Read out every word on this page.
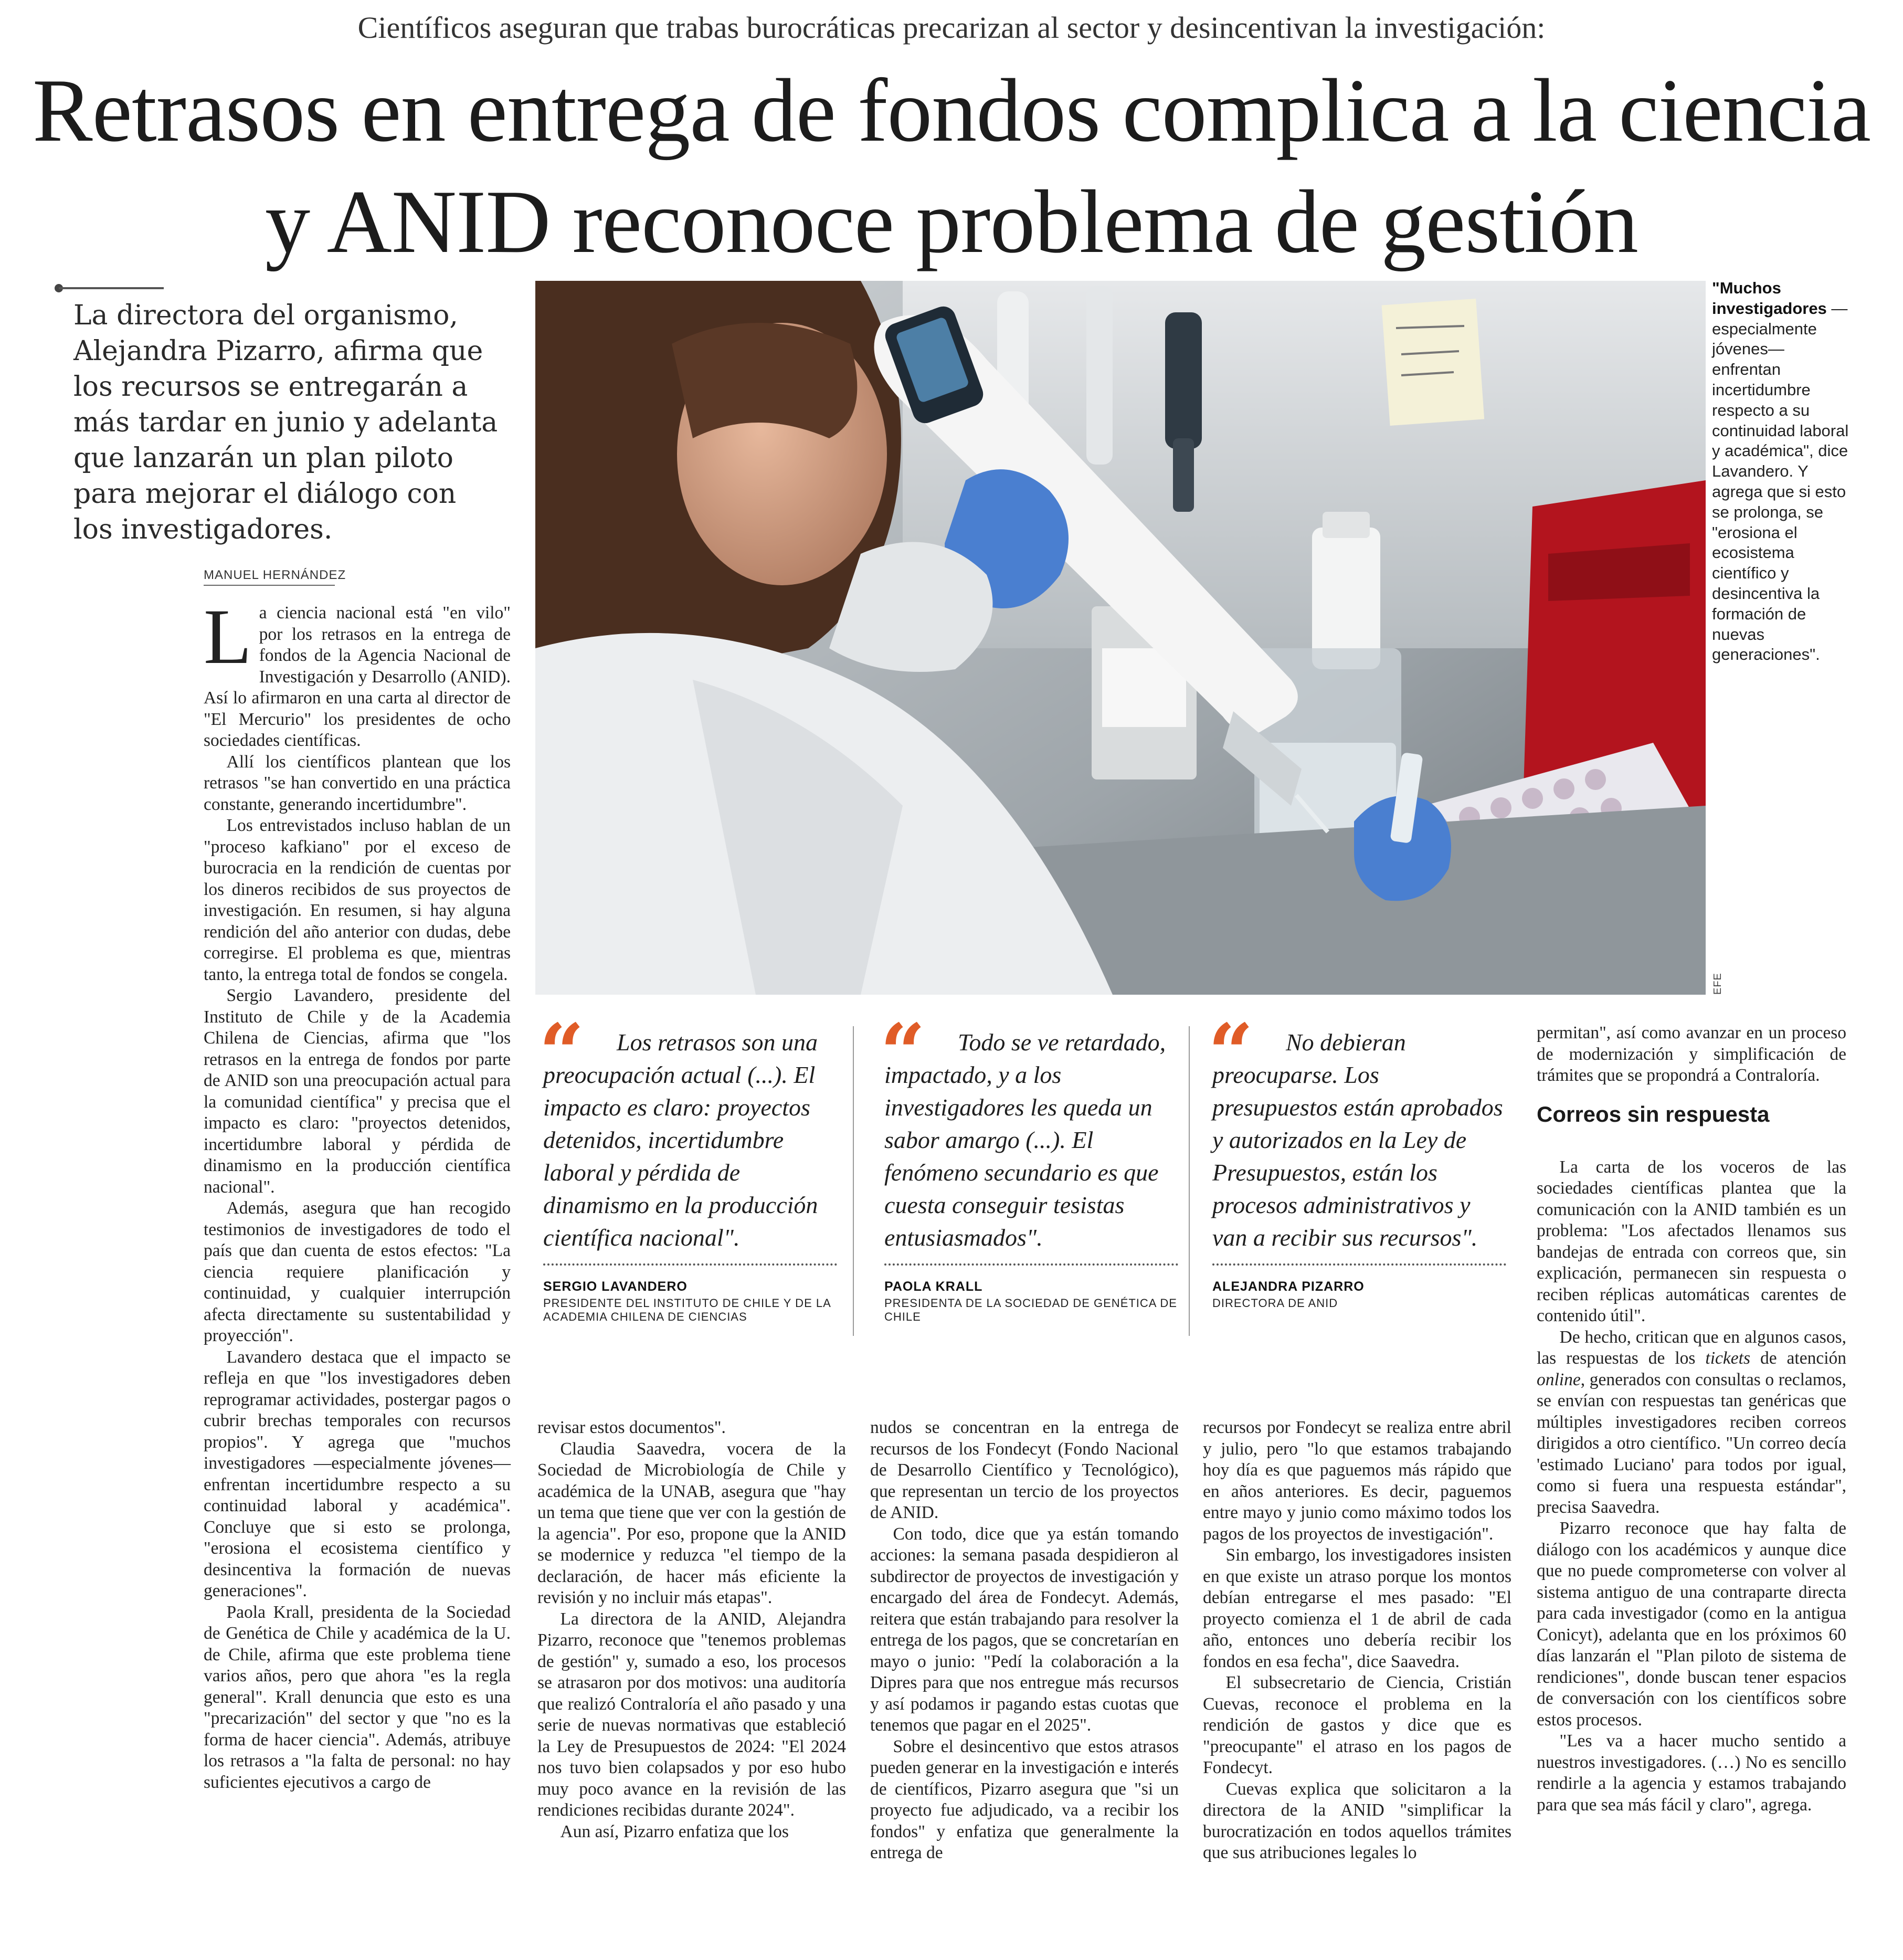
Científicos aseguran que trabas burocráticas precarizan al sector y desincentivan la investigación:
Retrasos en entrega de fondos complica a la ciencia y ANID reconoce problema de gestión
La directora del organismo, Alejandra Pizarro, afirma que los recursos se entregarán a más tardar en junio y adelanta que lanzarán un plan piloto para mejorar el diálogo con los investigadores.
MANUEL HERNÁNDEZ

La ciencia nacional está "en vilo" por los retrasos en la entrega de fondos de la Agencia Nacional de Investigación y Desarrollo (ANID). Así lo afirmaron en una carta al director de "El Mercurio" los presidentes de ocho sociedades científicas.

Allí los científicos plantean que los retrasos "se han convertido en una práctica constante, generando incertidumbre".

Los entrevistados incluso hablan de un "proceso kafkiano" por el exceso de burocracia en la rendición de cuentas por los dineros recibidos de sus proyectos de investigación. En resumen, si hay alguna rendición del año anterior con dudas, debe corregirse. El problema es que, mientras tanto, la entrega total de fondos se congela.

Sergio Lavandero, presidente del Instituto de Chile y de la Academia Chilena de Ciencias, afirma que "los retrasos en la entrega de fondos por parte de ANID son una preocupación actual para la comunidad científica" y precisa que el impacto es claro: "proyectos detenidos, incertidumbre laboral y pérdida de dinamismo en la producción científica nacional".

Además, asegura que han recogido testimonios de investigadores de todo el país que dan cuenta de estos efectos: "La ciencia requiere planificación y continuidad, y cualquier interrupción afecta directamente su sustentabilidad y proyección".

Lavandero destaca que el impacto se refleja en que "los investigadores deben reprogramar actividades, postergar pagos o cubrir brechas temporales con recursos propios". Y agrega que "muchos investigadores —especialmente jóvenes— enfrentan incertidumbre respecto a su continuidad laboral y académica". Concluye que si esto se prolonga, "erosiona el ecosistema científico y desincentiva la formación de nuevas generaciones".

Paola Krall, presidenta de la Sociedad de Genética de Chile y académica de la U. de Chile, afirma que este problema tiene varios años, pero que ahora "es la regla general". Krall denuncia que esto es una "precarización" del sector y que "no es la forma de hacer ciencia". Además, atribuye los retrasos a "la falta de personal: no hay suficientes ejecutivos a cargo de

EFE
"Muchos investigadores —especialmente jóvenes— enfrentan incertidumbre respecto a su continuidad laboral y académica", dice Lavandero. Y agrega que si esto se prolonga, se "erosiona el ecosistema científico y desincentiva la formación de nuevas generaciones".
“	Los retrasos son una preocupación actual (...). El impacto es claro: proyectos detenidos, incertidumbre laboral y pérdida de dinamismo en la producción científica nacional".
SERGIO LAVANDERO
PRESIDENTE DEL INSTITUTO DE CHILE Y DE LA ACADEMIA CHILENA DE CIENCIAS
“	Todo se ve retardado, impactado, y a los investigadores les queda un sabor amargo (...). El fenómeno secundario es que cuesta conseguir tesistas entusiasmados".
PAOLA KRALL
PRESIDENTA DE LA SOCIEDAD DE GENÉTICA DE CHILE
“	No debieran preocuparse. Los presupuestos están aprobados y autorizados en la Ley de Presupuestos, están los procesos administrativos y van a recibir sus recursos".
ALEJANDRA PIZARRO
DIRECTORA DE ANID

revisar estos documentos".

Claudia Saavedra, vocera de la Sociedad de Microbiología de Chile y académica de la UNAB, asegura que "hay un tema que tiene que ver con la gestión de la agencia". Por eso, propone que la ANID se modernice y reduzca "el tiempo de la declaración, de hacer más eficiente la revisión y no incluir más etapas".

La directora de la ANID, Alejandra Pizarro, reconoce que "tenemos problemas de gestión" y, sumado a eso, los procesos se atrasaron por dos motivos: una auditoría que realizó Contraloría el año pasado y una serie de nuevas normativas que estableció la Ley de Presupuestos de 2024: "El 2024 nos tuvo bien colapsados y por eso hubo muy poco avance en la revisión de las rendiciones recibidas durante 2024".

Aun así, Pizarro enfatiza que los

nudos se concentran en la entrega de recursos de los Fondecyt (Fondo Nacional de Desarrollo Científico y Tecnológico), que representan un tercio de los proyectos de ANID.

Con todo, dice que ya están tomando acciones: la semana pasada despidieron al subdirector de proyectos de investigación y encargado del área de Fondecyt. Además, reitera que están trabajando para resolver la entrega de los pagos, que se concretarían en mayo o junio: "Pedí la colaboración a la Dipres para que nos entregue más recursos y así podamos ir pagando estas cuotas que tenemos que pagar en el 2025".

Sobre el desincentivo que estos atrasos pueden generar en la investigación e interés de científicos, Pizarro asegura que "si un proyecto fue adjudicado, va a recibir los fondos" y enfatiza que generalmente la entrega de

recursos por Fondecyt se realiza entre abril y julio, pero "lo que estamos trabajando hoy día es que paguemos más rápido que en años anteriores. Es decir, paguemos entre mayo y junio como máximo todos los pagos de los proyectos de investigación".

Sin embargo, los investigadores insisten en que existe un atraso porque los montos debían entregarse el mes pasado: "El proyecto comienza el 1 de abril de cada año, entonces uno debería recibir los fondos en esa fecha", dice Saavedra.

El subsecretario de Ciencia, Cristián Cuevas, reconoce el problema en la rendición de gastos y dice que es "preocupante" el atraso en los pagos de Fondecyt.

Cuevas explica que solicitaron a la directora de la ANID "simplificar la burocratización en todos aquellos trámites que sus atribuciones legales lo

permitan", así como avanzar en un proceso de modernización y simplificación de trámites que se propondrá a Contraloría.

Correos sin respuesta

La carta de los voceros de las sociedades científicas plantea que la comunicación con la ANID también es un problema: "Los afectados llenamos sus bandejas de entrada con correos que, sin explicación, permanecen sin respuesta o reciben réplicas automáticas carentes de contenido útil".

De hecho, critican que en algunos casos, las respuestas de los tickets de atención online, generados con consultas o reclamos, se envían con respuestas tan genéricas que múltiples investigadores reciben correos dirigidos a otro científico. "Un correo decía 'estimado Luciano' para todos por igual, como si fuera una respuesta estándar", precisa Saavedra.

Pizarro reconoce que hay falta de diálogo con los académicos y aunque dice que no puede comprometerse con volver al sistema antiguo de una contraparte directa para cada investigador (como en la antigua Conicyt), adelanta que en los próximos 60 días lanzarán el "Plan piloto de sistema de rendiciones", donde buscan tener espacios de conversación con los científicos sobre estos procesos.

"Les va a hacer mucho sentido a nuestros investigadores. (…) No es sencillo rendirle a la agencia y estamos trabajando para que sea más fácil y claro", agrega.
